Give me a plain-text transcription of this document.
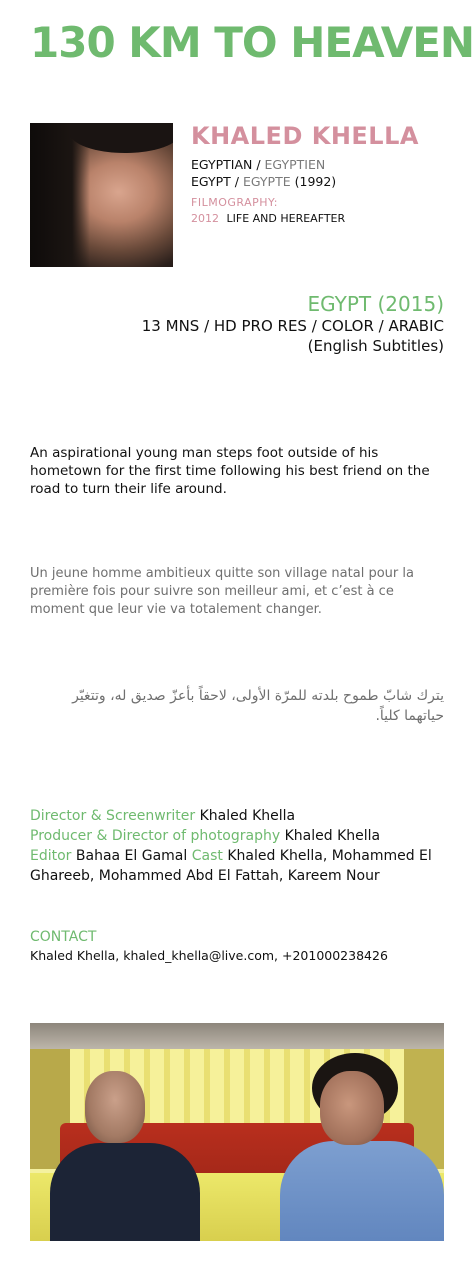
130 KM TO HEAVEN
KHALED KHELLA
EGYPTIAN / EGYPTIEN
EGYPT / EGYPTE (1992)
FILMOGRAPHY:
2012 LIFE AND HEREAFTER
EGYPT (2015)
13 MNS / HD PRO RES / COLOR / ARABIC
(English Subtitles)
An aspirational young man steps foot outside of his hometown for the first time following his best friend on the road to turn their life around.
Un jeune homme ambitieux quitte son village natal pour la première fois pour suivre son meilleur ami, et c’est à ce moment que leur vie va totalement changer.
يترك شابّ طموح بلدته للمرّة الأولى، لاحقاً بأعزّ صديق له، وتتغيّر حياتهما كلياً.
Director & Screenwriter Khaled Khella
Producer & Director of photography Khaled Khella
Editor Bahaa El Gamal Cast Khaled Khella, Mohammed El Ghareeb, Mohammed Abd El Fattah, Kareem Nour
CONTACT
Khaled Khella, khaled_khella@live.com, +201000238426
